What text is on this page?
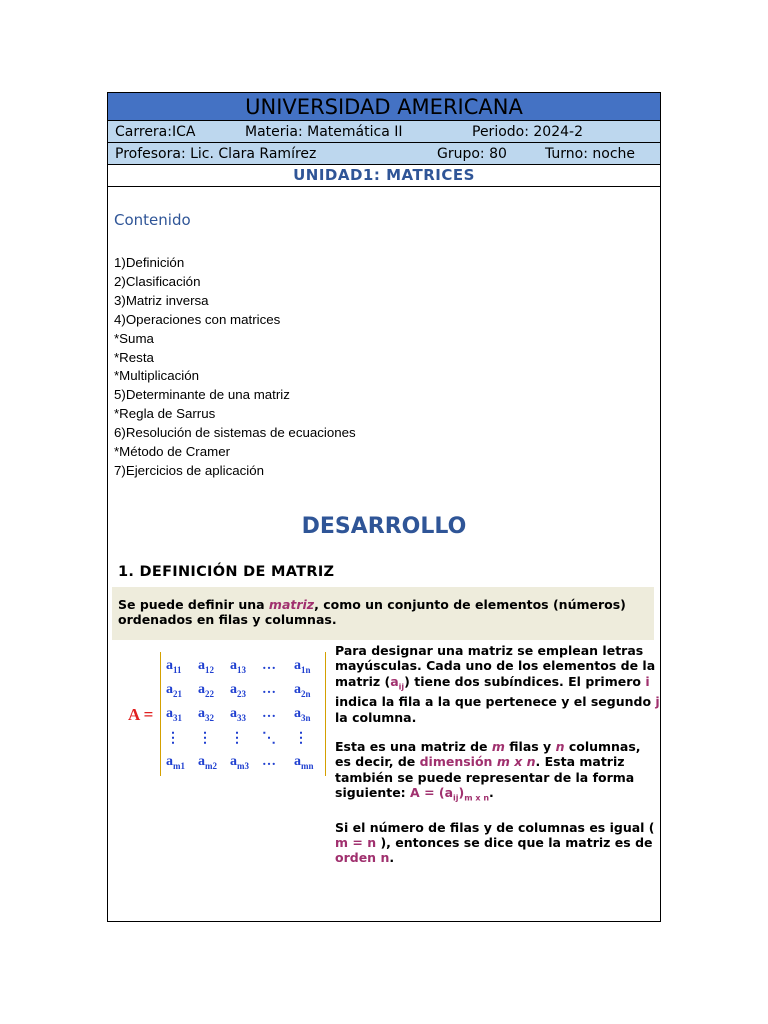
UNIVERSIDAD AMERICANA
Carrera:ICA	Materia: Matemática II	Periodo: 2024-2
Profesora: Lic. Clara Ramírez	Grupo: 80	Turno: noche
UNIDAD1: MATRICES
Contenido
1)Definición
2)Clasificación
3)Matriz inversa
4)Operaciones con matrices
*Suma
*Resta
*Multiplicación
5)Determinante de una matriz
*Regla de Sarrus
6)Resolución de sistemas de ecuaciones
*Método de Cramer
7)Ejercicios de aplicación
DESARROLLO
1. DEFINICIÓN DE MATRIZ
Se puede definir una matriz, como un conjunto de elementos (números) ordenados en filas y columnas.
A =
$a_{11}$	$a_{12}$	$a_{13}$	…	$a_{1n}$
$a_{21}$	$a_{22}$	$a_{23}$	…	$a_{2n}$
$a_{31}$	$a_{32}$	$a_{33}$	…	$a_{3n}$
⋮	⋮	⋮	⋱	⋮
$a_{m1}$	$a_{m2}$	$a_{m3}$	…	$a_{mn}$

Para designar una matriz se emplean letras mayúsculas. Cada uno de los elementos de la matriz $(a_{ij})$ tiene dos subíndices. El primero i indica la fila a la que pertenece y el segundo j la columna.

Esta es una matriz de m filas y n columnas, es decir, de dimensión m x n. Esta matriz también se puede representar de la forma siguiente: $A = (a_{ij})_{m x n}$.

Si el número de filas y de columnas es igual ( m = n ), entonces se dice que la matriz es de orden n.
